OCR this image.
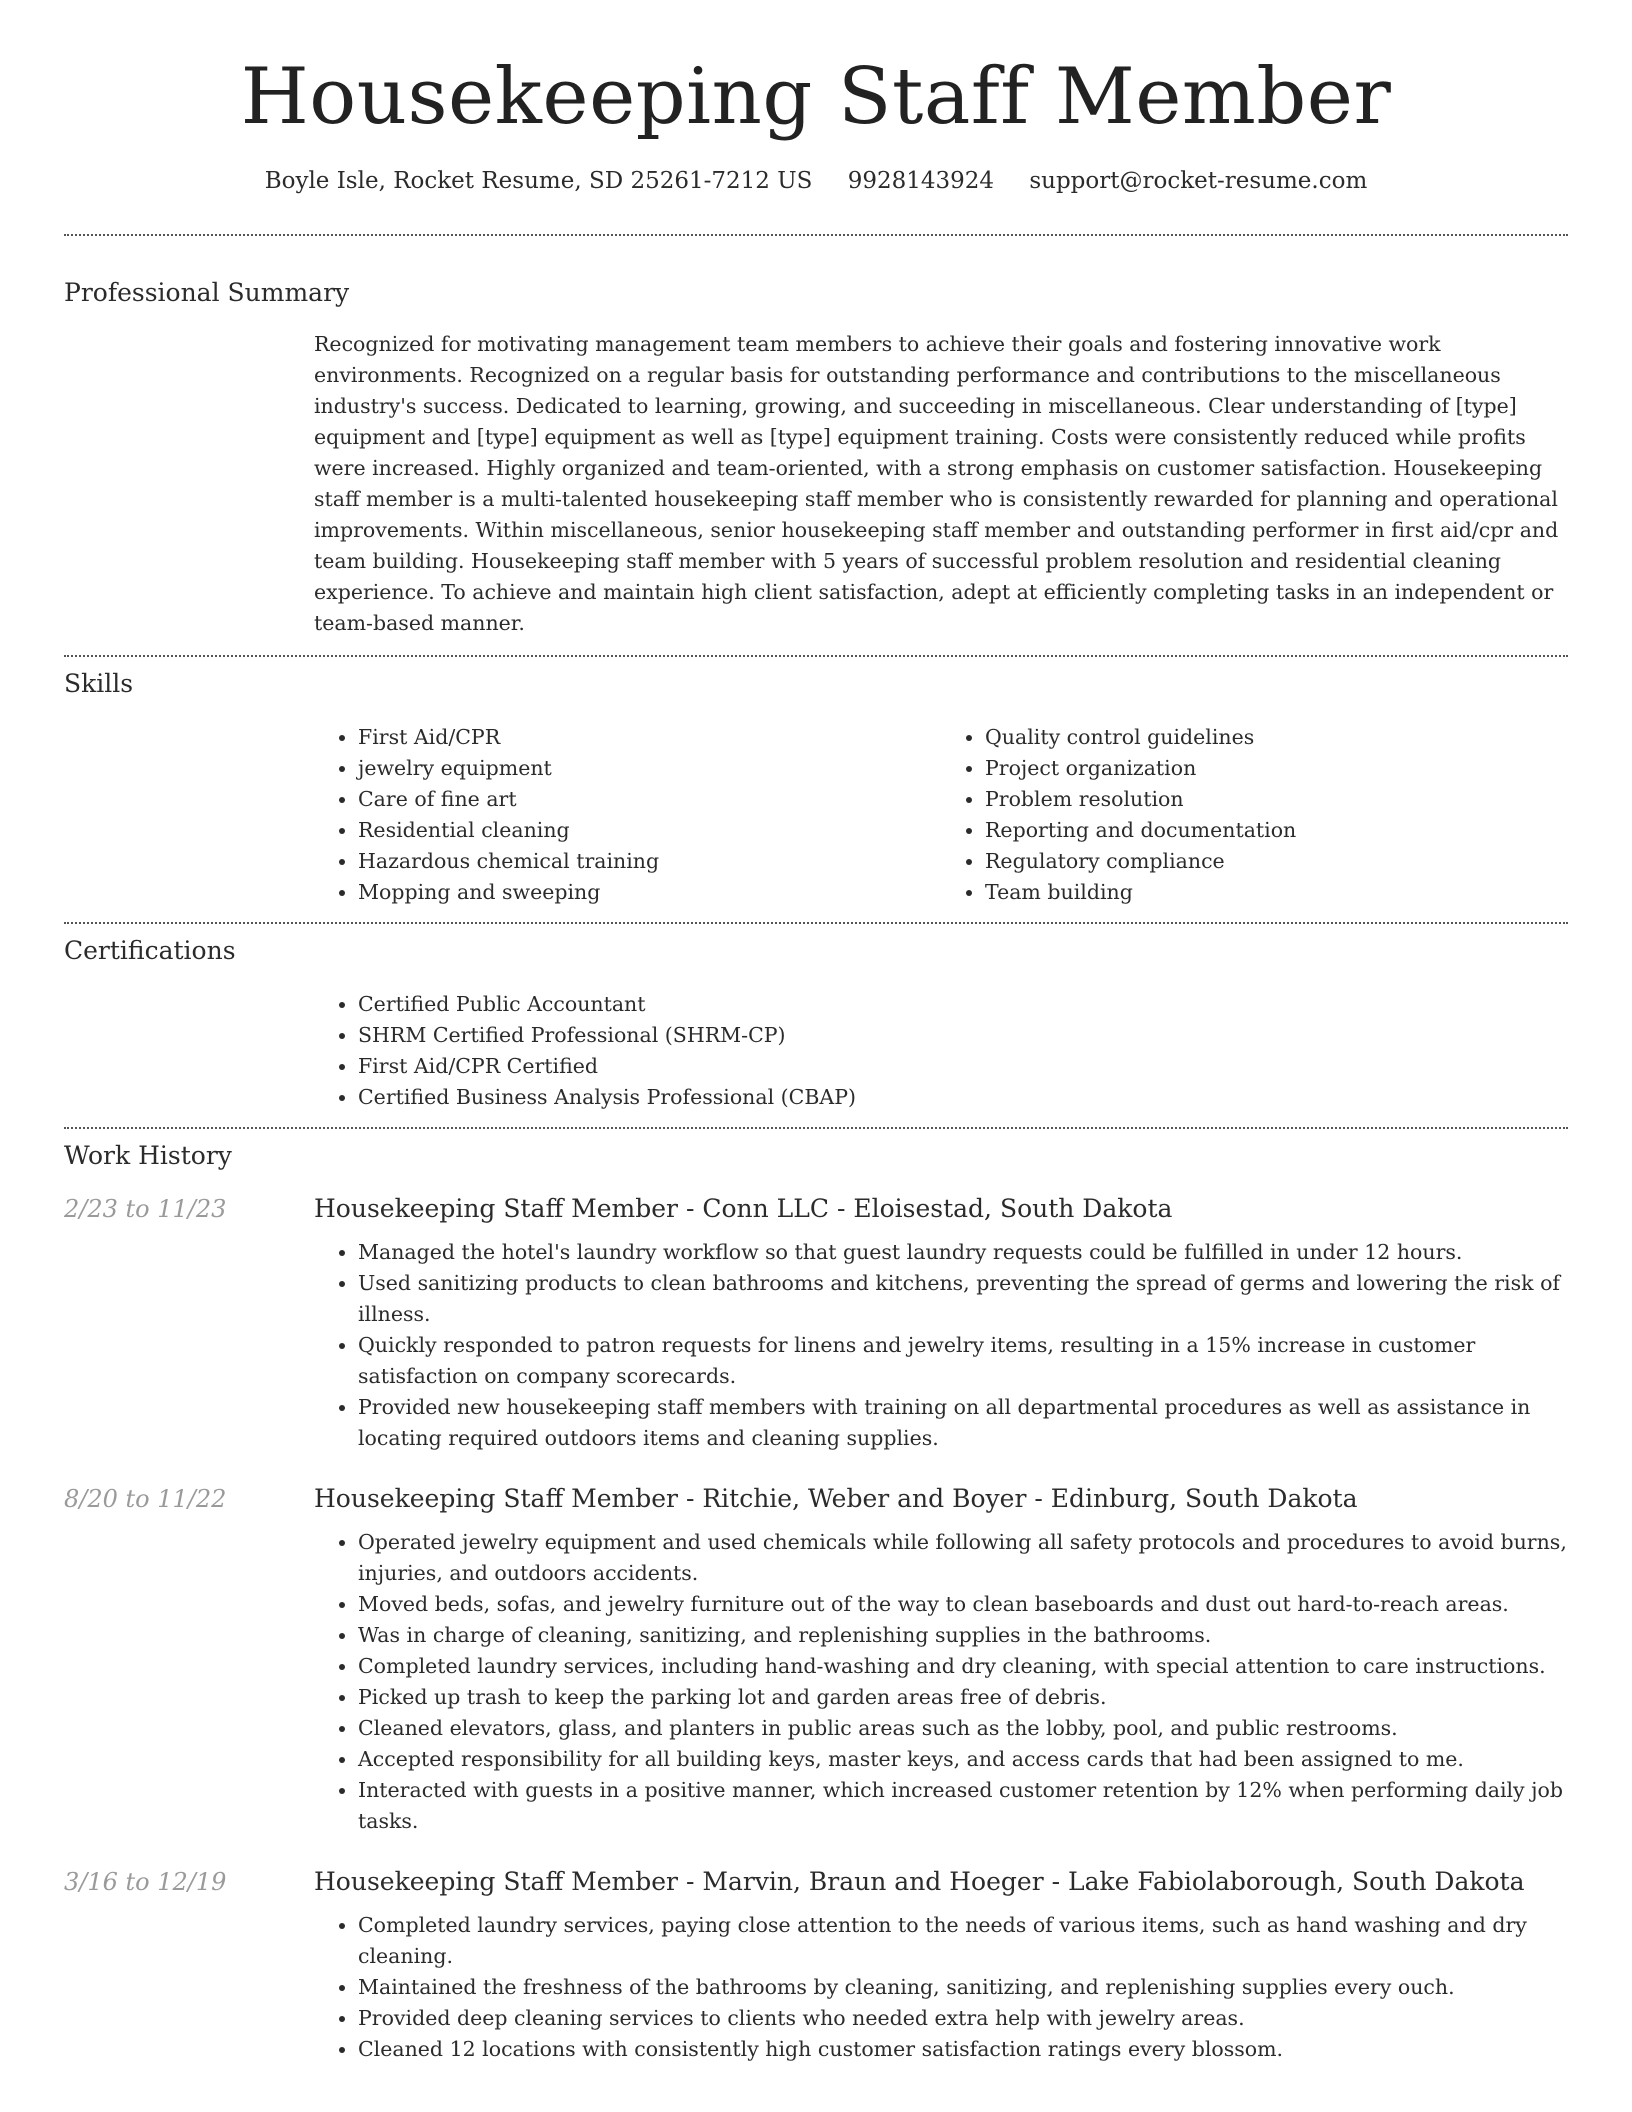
Housekeeping Staff Member
Boyle Isle, Rocket Resume, SD 25261-7212 US 9928143924 support@rocket-resume.com
Professional Summary
Recognized for motivating management team members to achieve their goals and fostering innovative work environments. Recognized on a regular basis for outstanding performance and contributions to the miscellaneous industry's success. Dedicated to learning, growing, and succeeding in miscellaneous. Clear understanding of [type] equipment and [type] equipment as well as [type] equipment training. Costs were consistently reduced while profits were increased. Highly organized and team-oriented, with a strong emphasis on customer satisfaction. Housekeeping staff member is a multi-talented housekeeping staff member who is consistently rewarded for planning and operational improvements. Within miscellaneous, senior housekeeping staff member and outstanding performer in first aid/cpr and team building. Housekeeping staff member with 5 years of successful problem resolution and residential cleaning experience. To achieve and maintain high client satisfaction, adept at efficiently completing tasks in an independent or team-based manner.
Skills
• First Aid/CPR
• jewelry equipment
• Care of fine art
• Residential cleaning
• Hazardous chemical training
• Mopping and sweeping
• Quality control guidelines
• Project organization
• Problem resolution
• Reporting and documentation
• Regulatory compliance
• Team building
Certifications
• Certified Public Accountant
• SHRM Certified Professional (SHRM-CP)
• First Aid/CPR Certified
• Certified Business Analysis Professional (CBAP)
Work History
2/23 to 11/23	Housekeeping Staff Member - Conn LLC - Eloisestad, South Dakota
• Managed the hotel's laundry workflow so that guest laundry requests could be fulfilled in under 12 hours.
• Used sanitizing products to clean bathrooms and kitchens, preventing the spread of germs and lowering the risk of illness.
• Quickly responded to patron requests for linens and jewelry items, resulting in a 15% increase in customer satisfaction on company scorecards.
• Provided new housekeeping staff members with training on all departmental procedures as well as assistance in locating required outdoors items and cleaning supplies.
8/20 to 11/22	Housekeeping Staff Member - Ritchie, Weber and Boyer - Edinburg, South Dakota
• Operated jewelry equipment and used chemicals while following all safety protocols and procedures to avoid burns, injuries, and outdoors accidents.
• Moved beds, sofas, and jewelry furniture out of the way to clean baseboards and dust out hard-to-reach areas.
• Was in charge of cleaning, sanitizing, and replenishing supplies in the bathrooms.
• Completed laundry services, including hand-washing and dry cleaning, with special attention to care instructions.
• Picked up trash to keep the parking lot and garden areas free of debris.
• Cleaned elevators, glass, and planters in public areas such as the lobby, pool, and public restrooms.
• Accepted responsibility for all building keys, master keys, and access cards that had been assigned to me.
• Interacted with guests in a positive manner, which increased customer retention by 12% when performing daily job tasks.
3/16 to 12/19	Housekeeping Staff Member - Marvin, Braun and Hoeger - Lake Fabiolaborough, South Dakota
• Completed laundry services, paying close attention to the needs of various items, such as hand washing and dry cleaning.
• Maintained the freshness of the bathrooms by cleaning, sanitizing, and replenishing supplies every ouch.
• Provided deep cleaning services to clients who needed extra help with jewelry areas.
• Cleaned 12 locations with consistently high customer satisfaction ratings every blossom.
